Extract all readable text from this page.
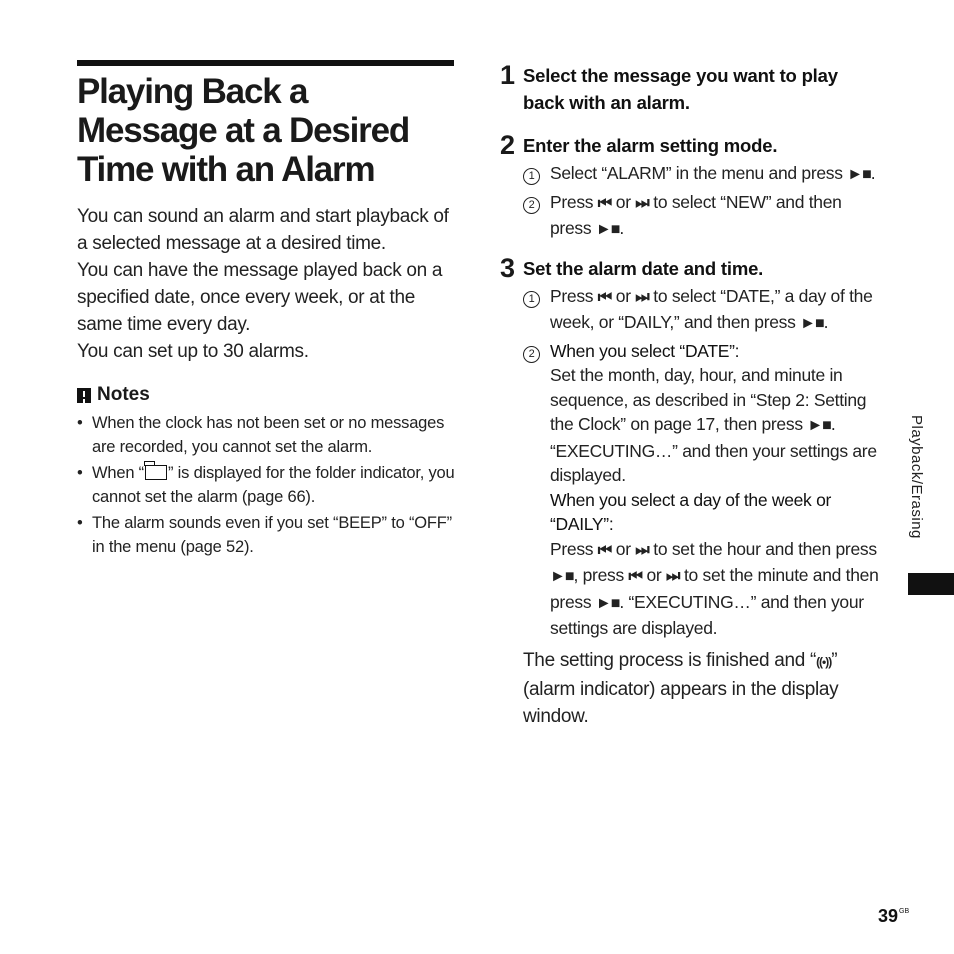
Playing Back a
Message at a Desired
Time with an Alarm

You can sound an alarm and start playback of a selected message at a desired time.

You can have the message played back on a specified date, once every week, or at the same time every day.

You can set up to 30 alarms.

Notes
• When the clock has not been set or no messages are recorded, you cannot set the alarm.
• When “ ” is displayed for the folder indicator, you cannot set the alarm (page 66).
• The alarm sounds even if you set “BEEP” to “OFF” in the menu (page 52).
1 Select the message you want to play back with an alarm.
2 Enter the alarm setting mode.
1 Select “ALARM” in the menu and press ►■.
2 Press ⏮ or ⏭ to select “NEW” and then press ►■.
3 Set the alarm date and time.
1 Press ⏮ or ⏭ to select “DATE,” a day of the week, or “DAILY,” and then press ►■.
2 When you select “DATE”:

Set the month, day, hour, and minute in sequence, as described in “Step 2: Setting the Clock” on page 17, then press ►■. “EXECUTING…” and then your settings are displayed.

When you select a day of the week or “DAILY”:

Press ⏮ or ⏭ to set the hour and then press ►■, press ⏮ or ⏭ to set the minute and then press ►■. “EXECUTING…” and then your settings are displayed.

The setting process is finished and “((•))” (alarm indicator) appears in the display window.
Playback/Erasing
$39^{GB}$
